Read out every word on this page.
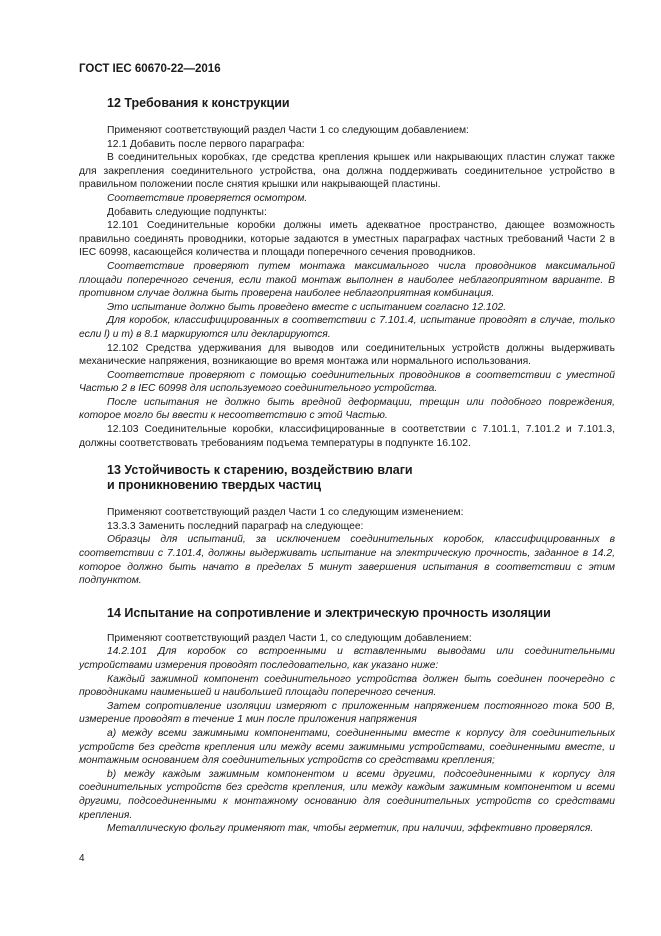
ГОСТ IEC 60670-22—2016
12 Требования к конструкции

Применяют соответствующий раздел Части 1 со следующим добавлением:

12.1 Добавить после первого параграфа:

В соединительных коробках, где средства крепления крышек или накрывающих пластин служат также для закрепления соединительного устройства, она должна поддерживать соединительное устройство в правильном положении после снятия крышки или накрывающей пластины.

Соответствие проверяется осмотром.

Добавить следующие подпункты:

12.101 Соединительные коробки должны иметь адекватное пространство, дающее возможность правильно соединять проводники, которые задаются в уместных параграфах частных требований Части 2 в IEC 60998, касающейся количества и площади поперечного сечения проводников.

Соответствие проверяют путем монтажа максимального числа проводников максимальной площади поперечного сечения, если такой монтаж выполнен в наиболее неблагоприятном варианте. В противном случае должна быть проверена наиболее неблагоприятная комбинация.

Это испытание должно быть проведено вместе с испытанием согласно 12.102.

Для коробок, классифицированных в соответствии с 7.101.4, испытание проводят в случае, только если l) и m) в 8.1 маркируются или декларируются.

12.102 Средства удерживания для выводов или соединительных устройств должны выдерживать механические напряжения, возникающие во время монтажа или нормального использования.

Соответствие проверяют с помощью соединительных проводников в соответствии с уместной Частью 2 в IEC 60998 для используемого соединительного устройства.

После испытания не должно быть вредной деформации, трещин или подобного повреждения, которое могло бы ввести к несоответствию с этой Частью.

12.103 Соединительные коробки, классифицированные в соответствии с 7.101.1, 7.101.2 и 7.101.3, должны соответствовать требованиям подъема температуры в подпункте 16.102.

13 Устойчивость к старению, воздействию влаги
и проникновению твердых частиц

Применяют соответствующий раздел Части 1 со следующим изменением:

13.3.3 Заменить последний параграф на следующее:

Образцы для испытаний, за исключением соединительных коробок, классифицированных в соответствии с 7.101.4, должны выдерживать испытание на электрическую прочность, заданное в 14.2, которое должно быть начато в пределах 5 минут завершения испытания в соответствии с этим подпунктом.

14 Испытание на сопротивление и электрическую прочность изоляции

Применяют соответствующий раздел Части 1, со следующим добавлением:

14.2.101 Для коробок со встроенными и вставленными выводами или соединительными устройствами измерения проводят последовательно, как указано ниже:

Каждый зажимной компонент соединительного устройства должен быть соединен поочередно с проводниками наименьшей и наибольшей площади поперечного сечения.

Затем сопротивление изоляции измеряют с приложенным напряжением постоянного тока 500 В, измерение проводят в течение 1 мин после приложения напряжения

a) между всеми зажимными компонентами, соединенными вместе к корпусу для соединительных устройств без средств крепления или между всеми зажимными устройствами, соединенными вместе, и монтажным основанием для соединительных устройств со средствами крепления;

b) между каждым зажимным компонентом и всеми другими, подсоединенными к корпусу для соединительных устройств без средств крепления, или между каждым зажимным компонентом и всеми другими, подсоединенными к монтажному основанию для соединительных устройств со средствами крепления.

Металлическую фольгу применяют так, чтобы герметик, при наличии, эффективно проверялся.

4
